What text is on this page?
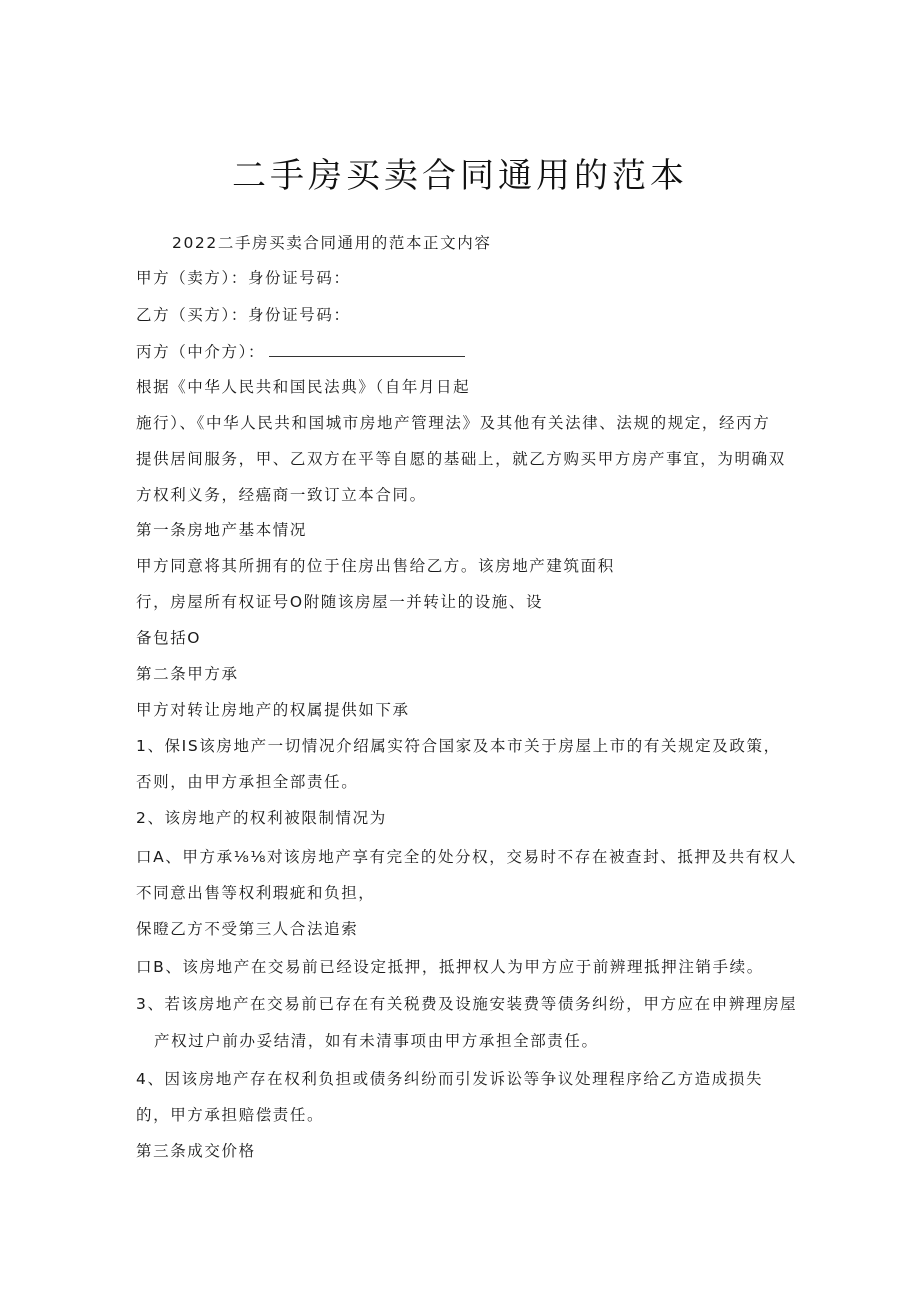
二手房买卖合同通用的范本

2022二手房买卖合同通用的范本正文内容

甲方（卖方）：身份证号码：

乙方（买方）：身份证号码：

丙方（中介方）：

根据《中华人民共和国民法典》（自年月日起

施行）、《中华人民共和国城市房地产管理法》及其他有关法律、法规的规定，经丙方

提供居间服务，甲、乙双方在平等自愿的基础上，就乙方购买甲方房产事宜，为明确双

方权利义务，经癌商一致订立本合同。

第一条房地产基本情况

甲方同意将其所拥有的位于住房出售给乙方。该房地产建筑面积

行，房屋所有权证号O附随该房屋一并转让的设施、设

备包括O

第二条甲方承

甲方对转让房地产的权属提供如下承

1、保IS该房地产一切情况介绍属实符合国家及本市关于房屋上市的有关规定及政策，

否则，由甲方承担全部责任。

2、该房地产的权利被限制情况为

口A、甲方承⅛⅛对该房地产享有完全的处分权，交易时不存在被查封、抵押及共有权人

不同意出售等权利瑕疵和负担，

保瞪乙方不受第三人合法追索

口B、该房地产在交易前已经设定抵押，抵押权人为甲方应于前辨理抵押注销手续。

3、若该房地产在交易前已存在有关税费及设施安装费等债务纠纷，甲方应在申辨理房屋

产权过户前办妥结清，如有未清事项由甲方承担全部责任。

4、因该房地产存在权利负担或债务纠纷而引发诉讼等争议处理程序给乙方造成损失

的，甲方承担赔偿责任。

第三条成交价格
